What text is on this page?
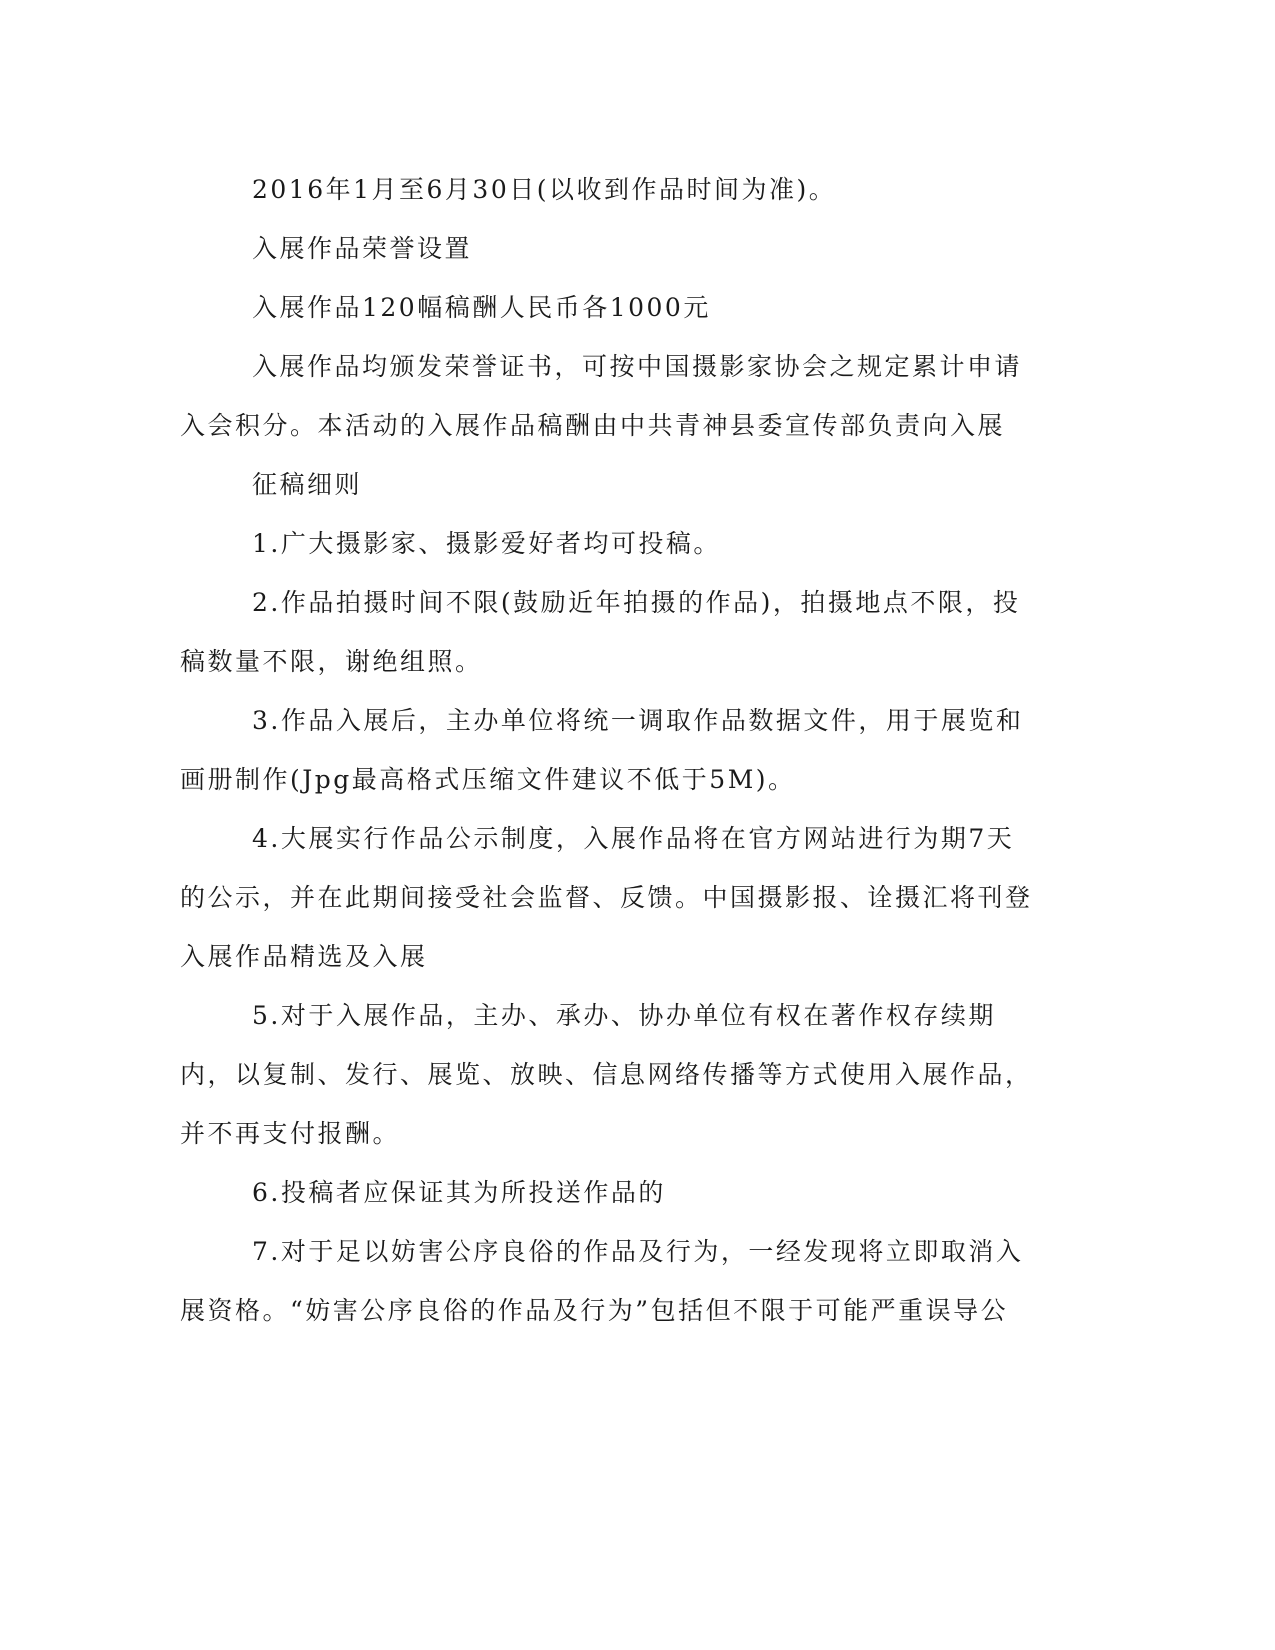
2016年1月至6月30日(以收到作品时间为准)。

入展作品荣誉设置

入展作品120幅稿酬人民币各1000元

入展作品均颁发荣誉证书，可按中国摄影家协会之规定累计申请入会积分。本活动的入展作品稿酬由中共青神县委宣传部负责向入展

征稿细则

1.广大摄影家、摄影爱好者均可投稿。

2.作品拍摄时间不限(鼓励近年拍摄的作品)，拍摄地点不限，投稿数量不限，谢绝组照。

3.作品入展后，主办单位将统一调取作品数据文件，用于展览和画册制作(Jpg最高格式压缩文件建议不低于5M)。

4.大展实行作品公示制度，入展作品将在官方网站进行为期7天的公示，并在此期间接受社会监督、反馈。中国摄影报、诠摄汇将刊登入展作品精选及入展

5.对于入展作品，主办、承办、协办单位有权在著作权存续期内，以复制、发行、展览、放映、信息网络传播等方式使用入展作品，并不再支付报酬。

6.投稿者应保证其为所投送作品的

7.对于足以妨害公序良俗的作品及行为，一经发现将立即取消入展资格。“妨害公序良俗的作品及行为”包括但不限于可能严重误导公
